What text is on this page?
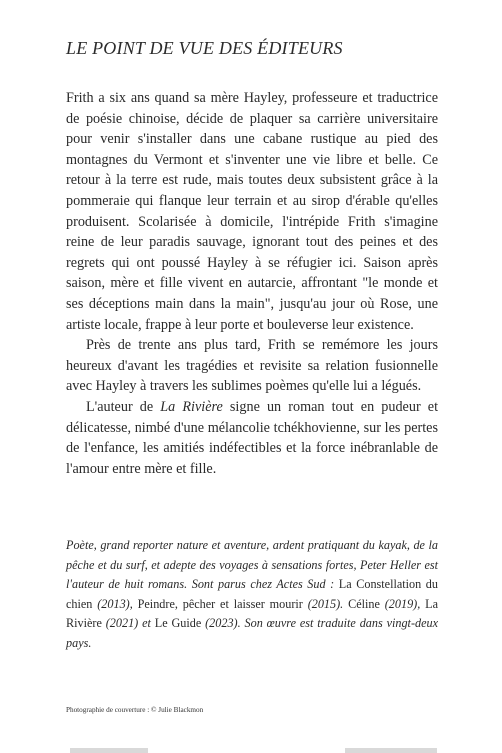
LE POINT DE VUE DES ÉDITEURS

Frith a six ans quand sa mère Hayley, professeure et traductrice de poésie chinoise, décide de plaquer sa carrière universitaire pour venir s'installer dans une cabane rustique au pied des montagnes du Vermont et s'inventer une vie libre et belle. Ce retour à la terre est rude, mais toutes deux subsistent grâce à la pommeraie qui flanque leur terrain et au sirop d'érable qu'elles produisent. Scolarisée à domicile, l'intrépide Frith s'imagine reine de leur paradis sauvage, ignorant tout des peines et des regrets qui ont poussé Hayley à se réfugier ici. Saison après saison, mère et fille vivent en autarcie, affrontant "le monde et ses déceptions main dans la main", jusqu'au jour où Rose, une artiste locale, frappe à leur porte et bouleverse leur existence.

Près de trente ans plus tard, Frith se remémore les jours heureux d'avant les tragédies et revisite sa relation fusionnelle avec Hayley à travers les sublimes poèmes qu'elle lui a légués.

L'auteur de La Rivière signe un roman tout en pudeur et délicatesse, nimbé d'une mélancolie tchékhovienne, sur les pertes de l'enfance, les amitiés indéfectibles et la force inébranlable de l'amour entre mère et fille.

Poète, grand reporter nature et aventure, ardent pratiquant du kayak, de la pêche et du surf, et adepte des voyages à sensations fortes, Peter Heller est l'auteur de huit romans. Sont parus chez Actes Sud : La Constellation du chien (2013), Peindre, pêcher et laisser mourir (2015). Céline (2019), La Rivière (2021) et Le Guide (2023). Son œuvre est traduite dans vingt-deux pays.
Photographie de couverture : © Julie Blackmon
